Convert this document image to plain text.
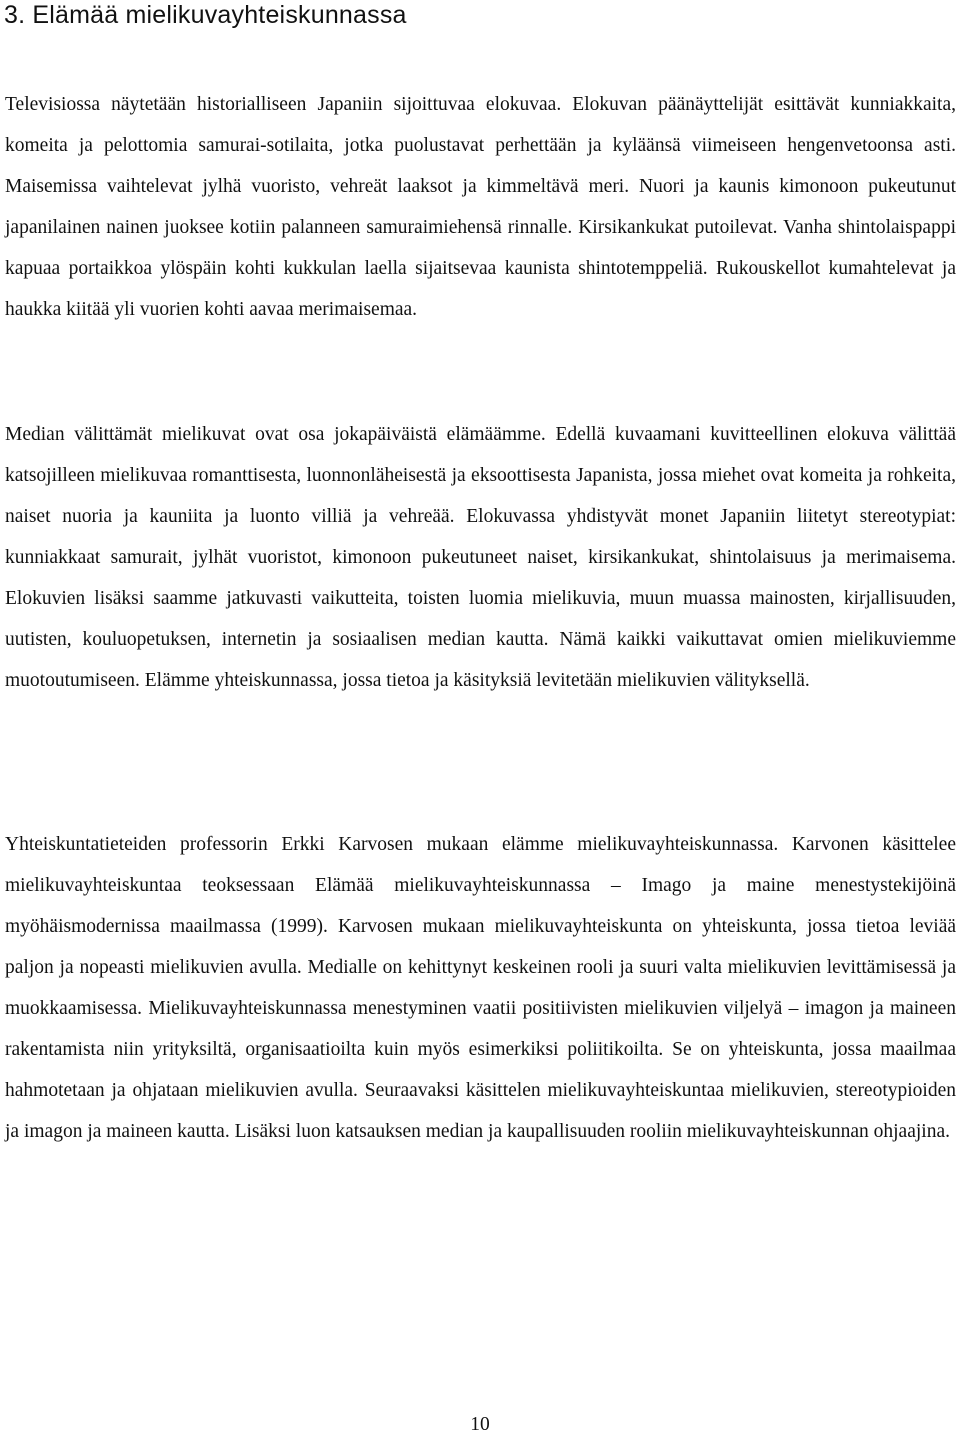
3. Elämää mielikuvayhteiskunnassa

Televisiossa näytetään historialliseen Japaniin sijoittuvaa elokuvaa. Elokuvan päänäyttelijät esittävät kunniakkaita, komeita ja pelottomia samurai-sotilaita, jotka puolustavat perhettään ja kyläänsä viimeiseen hengenvetoonsa asti. Maisemissa vaihtelevat jylhä vuoristo, vehreät laaksot ja kimmeltävä meri. Nuori ja kaunis kimonoon pukeutunut japanilainen nainen juoksee kotiin palanneen samuraimiehensä rinnalle. Kirsikankukat putoilevat. Vanha shintolaispappi kapuaa portaikkoa ylöspäin kohti kukkulan laella sijaitsevaa kaunista shintotemppeliä. Rukouskellot kumahtelevat ja haukka kiitää yli vuorien kohti aavaa merimaisemaa.

Median välittämät mielikuvat ovat osa jokapäiväistä elämäämme. Edellä kuvaamani kuvitteellinen elokuva välittää katsojilleen mielikuvaa romanttisesta, luonnonläheisestä ja eksoottisesta Japanista, jossa miehet ovat komeita ja rohkeita, naiset nuoria ja kauniita ja luonto villiä ja vehreää. Elokuvassa yhdistyvät monet Japaniin liitetyt stereotypiat: kunniakkaat samurait, jylhät vuoristot, kimonoon pukeutuneet naiset, kirsikankukat, shintolaisuus ja merimaisema. Elokuvien lisäksi saamme jatkuvasti vaikutteita, toisten luomia mielikuvia, muun muassa mainosten, kirjallisuuden, uutisten, kouluopetuksen, internetin ja sosiaalisen median kautta. Nämä kaikki vaikuttavat omien mielikuviemme muotoutumiseen. Elämme yhteiskunnassa, jossa tietoa ja käsityksiä levitetään mielikuvien välityksellä.

Yhteiskuntatieteiden professorin Erkki Karvosen mukaan elämme mielikuvayhteiskunnassa. Karvonen käsittelee mielikuvayhteiskuntaa teoksessaan Elämää mielikuvayhteiskunnassa – Imago ja maine menestystekijöinä myöhäismodernissa maailmassa (1999). Karvosen mukaan mielikuvayhteiskunta on yhteiskunta, jossa tietoa leviää paljon ja nopeasti mielikuvien avulla. Medialle on kehittynyt keskeinen rooli ja suuri valta mielikuvien levittämisessä ja muokkaamisessa. Mielikuvayhteiskunnassa menestyminen vaatii positiivisten mielikuvien viljelyä – imagon ja maineen rakentamista niin yrityksiltä, organisaatioilta kuin myös esimerkiksi poliitikoilta. Se on yhteiskunta, jossa maailmaa hahmotetaan ja ohjataan mielikuvien avulla. Seuraavaksi käsittelen mielikuvayhteiskuntaa mielikuvien, stereotypioiden ja imagon ja maineen kautta. Lisäksi luon katsauksen median ja kaupallisuuden rooliin mielikuvayhteiskunnan ohjaajina.

10
